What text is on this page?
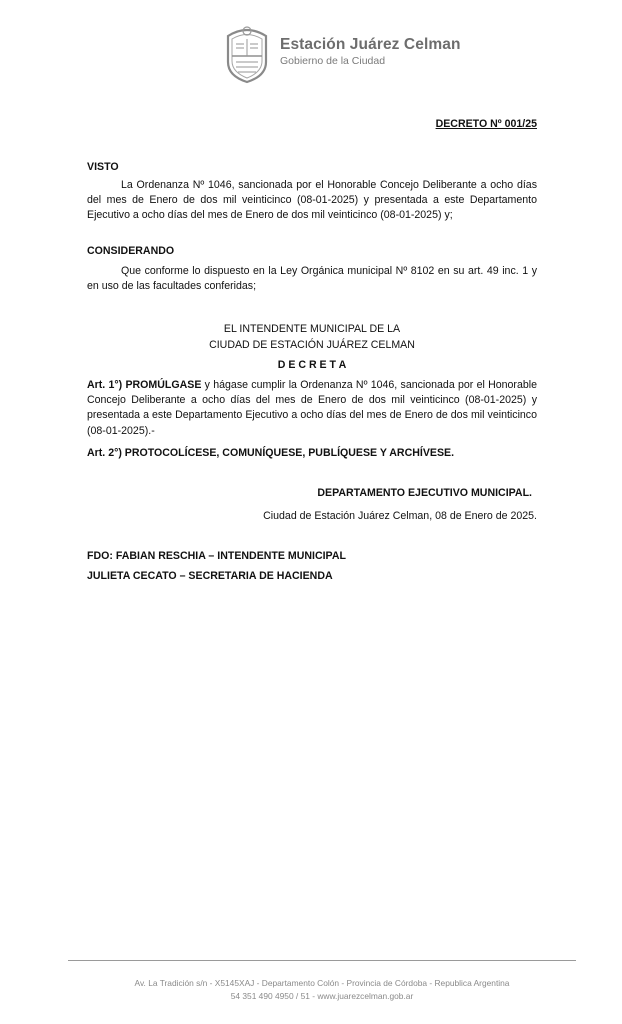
Estación Juárez Celman
Gobierno de la Ciudad
DECRETO Nº 001/25
VISTO
La Ordenanza Nº 1046, sancionada por el Honorable Concejo Deliberante a ocho días del mes de Enero de dos mil veinticinco (08-01-2025) y presentada a este Departamento Ejecutivo a ocho días del mes de Enero de dos mil veinticinco (08-01-2025) y;
CONSIDERANDO
Que conforme lo dispuesto en la Ley Orgánica municipal Nº 8102 en su art. 49 inc. 1 y en uso de las facultades conferidas;
EL INTENDENTE MUNICIPAL DE LA
CIUDAD DE ESTACIÓN JUÁREZ CELMAN
D E C R E T A
Art. 1°) PROMÚLGASE y hágase cumplir la Ordenanza Nº 1046, sancionada por el Honorable Concejo Deliberante a ocho días del mes de Enero de dos mil veinticinco (08-01-2025) y presentada a este Departamento Ejecutivo a ocho días del mes de Enero de dos mil veinticinco (08-01-2025).-
Art. 2°) PROTOCOLÍCESE, COMUNÍQUESE, PUBLÍQUESE Y ARCHÍVESE.
DEPARTAMENTO EJECUTIVO MUNICIPAL.
Ciudad de Estación Juárez Celman, 08 de Enero de 2025.
FDO: FABIAN RESCHIA – INTENDENTE MUNICIPAL
JULIETA CECATO – SECRETARIA DE HACIENDA
Av. La Tradición s/n - X5145XAJ - Departamento Colón - Provincia de Córdoba - Republica Argentina
54 351 490 4950 / 51 - www.juarezcelman.gob.ar
